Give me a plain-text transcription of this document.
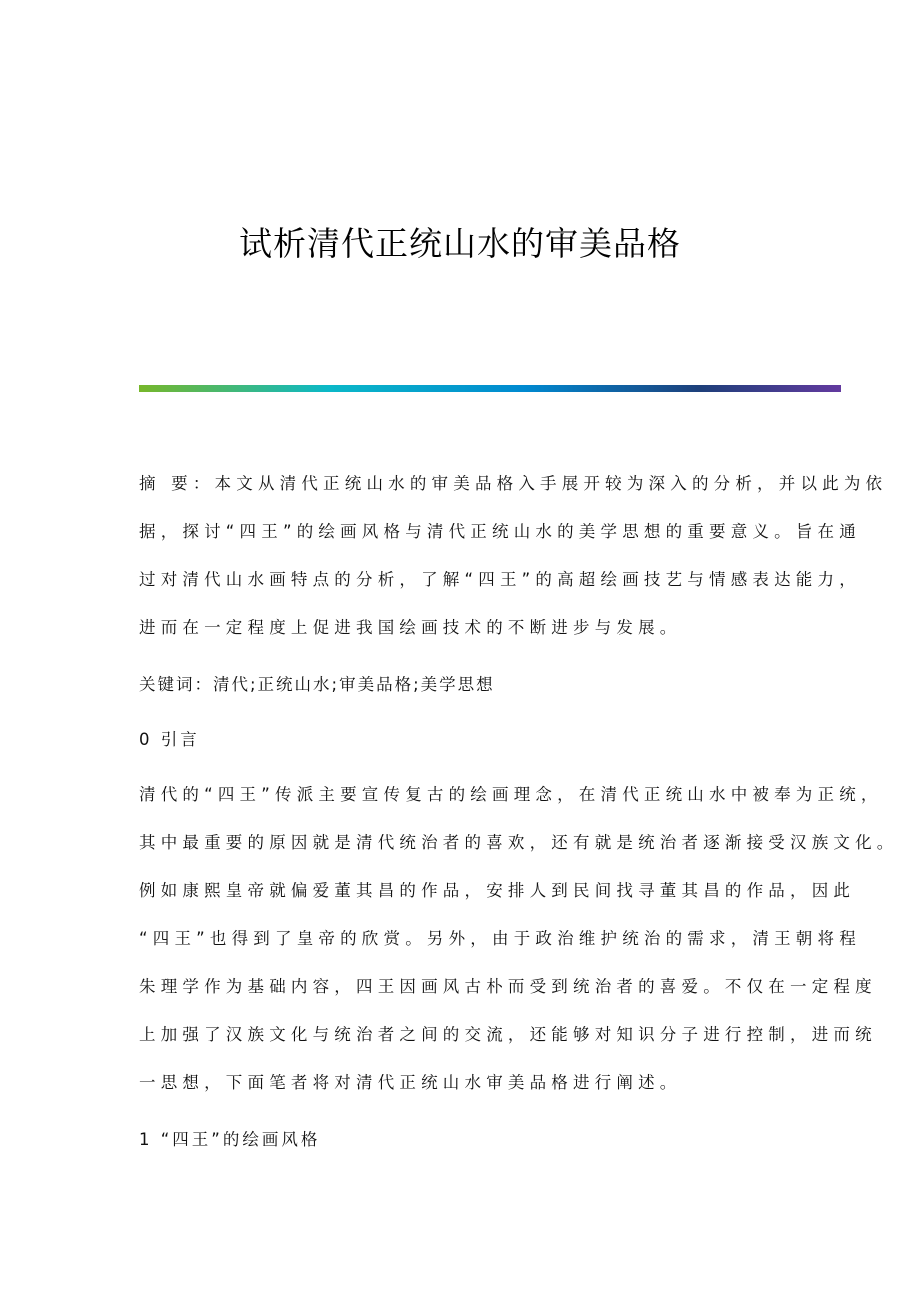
试析清代正统山水的审美品格
摘 要：本文从清代正统山水的审美品格入手展开较为深入的分析，并以此为依
据，探讨“四王”的绘画风格与清代正统山水的美学思想的重要意义。旨在通
过对清代山水画特点的分析，了解“四王”的高超绘画技艺与情感表达能力，
进而在一定程度上促进我国绘画技术的不断进步与发展。
关键词：清代;正统山水;审美品格;美学思想
0 引言
清代的“四王”传派主要宣传复古的绘画理念，在清代正统山水中被奉为正统，
其中最重要的原因就是清代统治者的喜欢，还有就是统治者逐渐接受汉族文化。
例如康熙皇帝就偏爱董其昌的作品，安排人到民间找寻董其昌的作品，因此
“四王”也得到了皇帝的欣赏。另外，由于政治维护统治的需求，清王朝将程
朱理学作为基础内容，四王因画风古朴而受到统治者的喜爱。不仅在一定程度
上加强了汉族文化与统治者之间的交流，还能够对知识分子进行控制，进而统
一思想，下面笔者将对清代正统山水审美品格进行阐述。
1 “四王”的绘画风格
